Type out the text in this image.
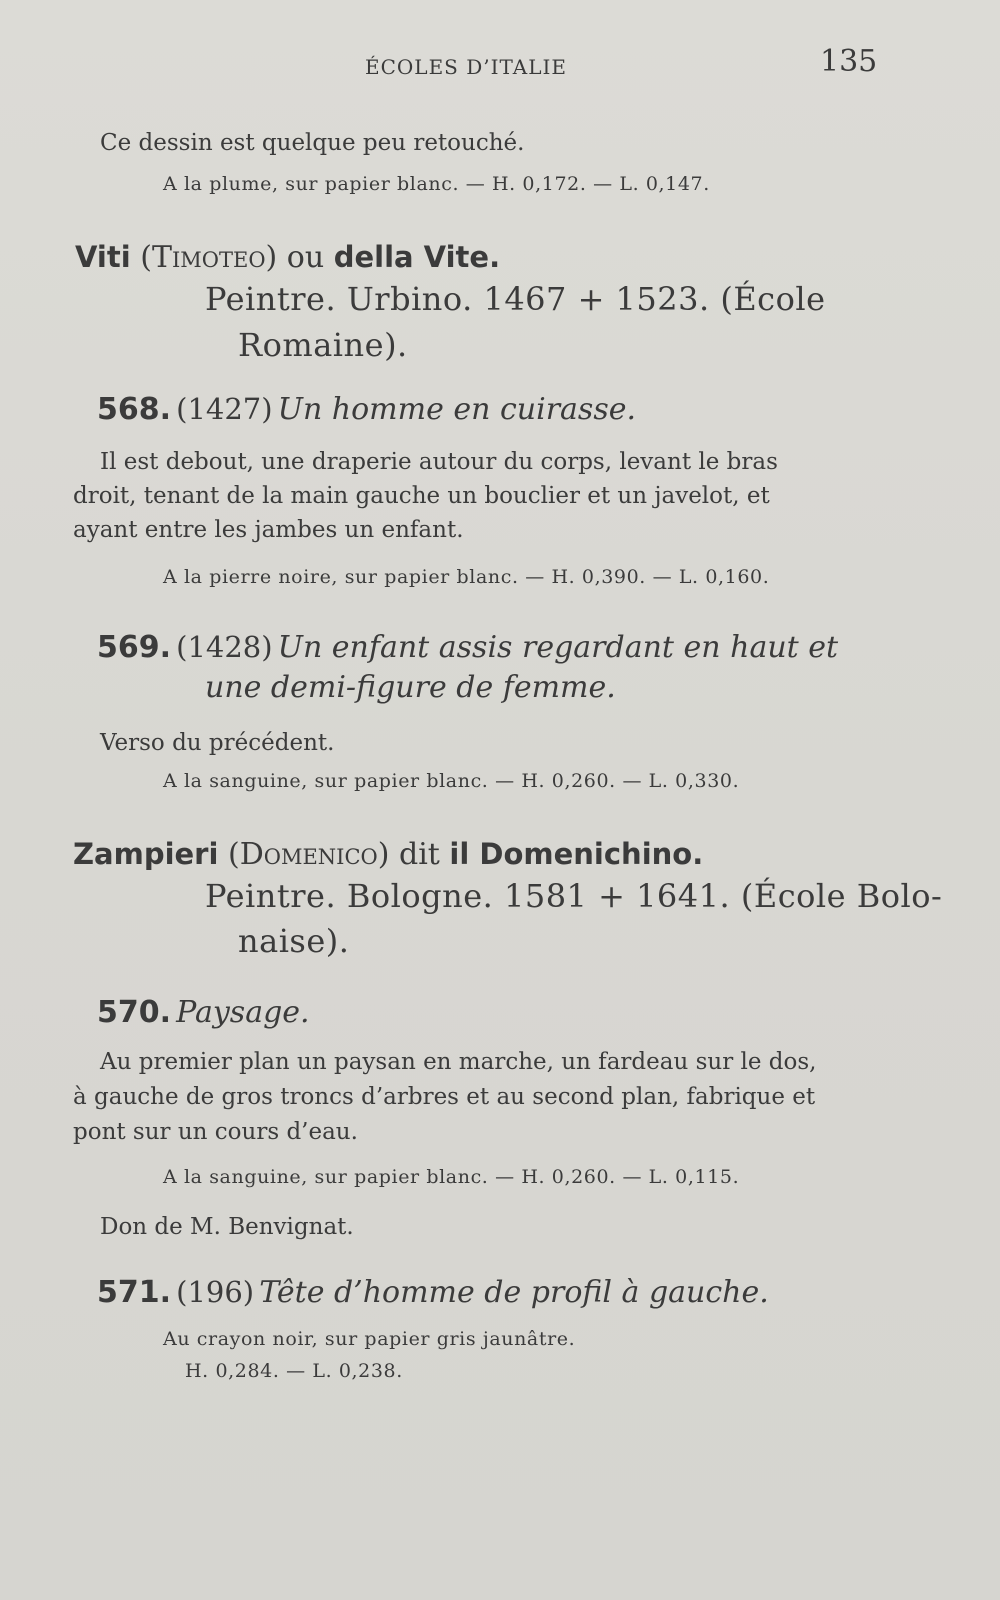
ÉCOLES D’ITALIE	135
Ce dessin est quelque peu retouché.
A la plume, sur papier blanc. — H. 0,172. — L. 0,147.
Viti (Timoteo) ou della Vite.
Peintre. Urbino. 1467 + 1523. (École
Romaine).
568. (1427) Un homme en cuirasse.
Il est debout, une draperie autour du corps, levant le bras
droit, tenant de la main gauche un bouclier et un javelot, et
ayant entre les jambes un enfant.
A la pierre noire, sur papier blanc. — H. 0,390. — L. 0,160.
569. (1428) Un enfant assis regardant en haut et
une demi-figure de femme.
Verso du précédent.
A la sanguine, sur papier blanc. — H. 0,260. — L. 0,330.
Zampieri (Domenico) dit il Domenichino.
Peintre. Bologne. 1581 + 1641. (École Bolo-
naise).
570. Paysage.
Au premier plan un paysan en marche, un fardeau sur le dos,
à gauche de gros troncs d’arbres et au second plan, fabrique et
pont sur un cours d’eau.
A la sanguine, sur papier blanc. — H. 0,260. — L. 0,115.
Don de M. Benvignat.
571. (196) Tête d’homme de profil à gauche.
Au crayon noir, sur papier gris jaunâtre.
H. 0,284. — L. 0,238.
